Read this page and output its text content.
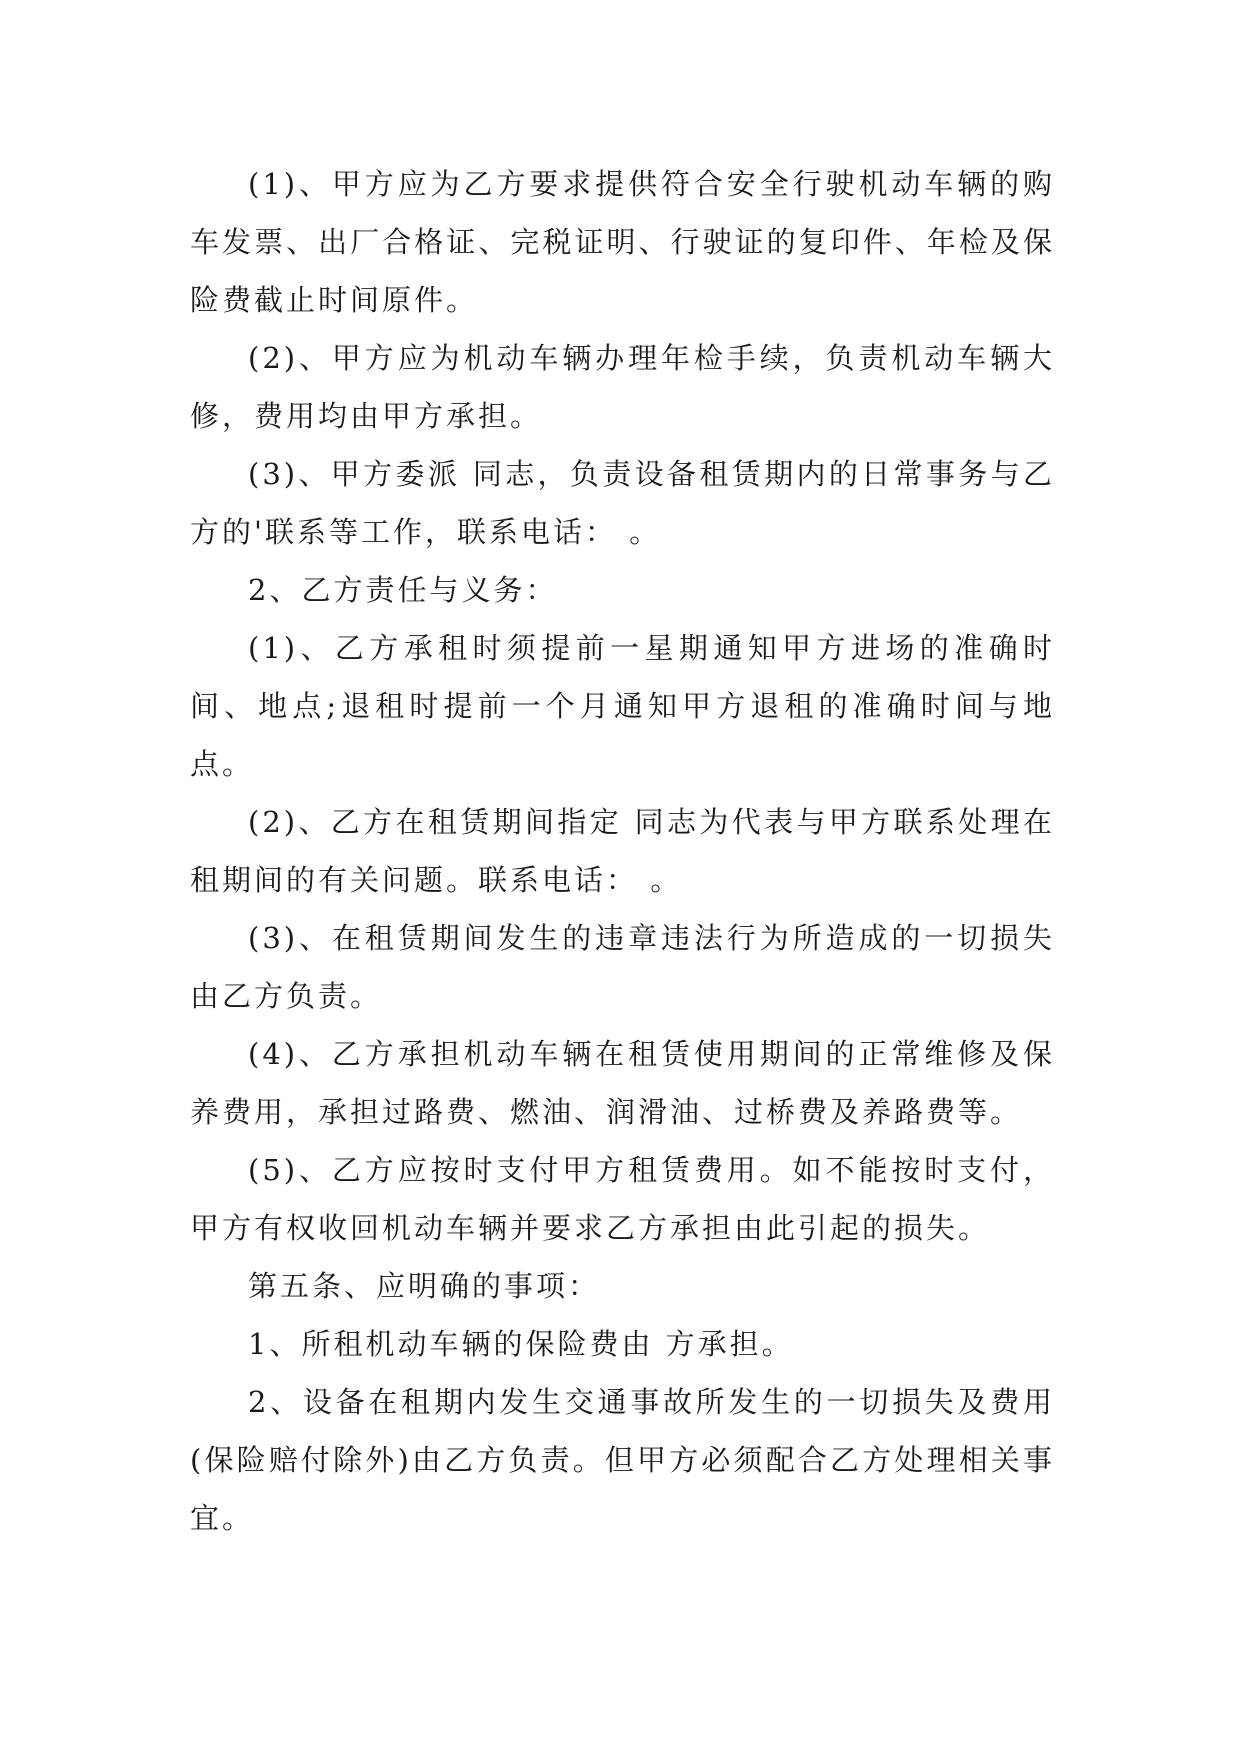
(1)、甲方应为乙方要求提供符合安全行驶机动车辆的购车发票、出厂合格证、完税证明、行驶证的复印件、年检及保险费截止时间原件。

(2)、甲方应为机动车辆办理年检手续，负责机动车辆大修，费用均由甲方承担。

(3)、甲方委派 同志，负责设备租赁期内的日常事务与乙方的'联系等工作，联系电话： 。

2、乙方责任与义务：

(1)、乙方承租时须提前一星期通知甲方进场的准确时间、地点;退租时提前一个月通知甲方退租的准确时间与地点。

(2)、乙方在租赁期间指定 同志为代表与甲方联系处理在租期间的有关问题。联系电话： 。

(3)、在租赁期间发生的违章违法行为所造成的一切损失由乙方负责。

(4)、乙方承担机动车辆在租赁使用期间的正常维修及保养费用，承担过路费、燃油、润滑油、过桥费及养路费等。

(5)、乙方应按时支付甲方租赁费用。如不能按时支付，甲方有权收回机动车辆并要求乙方承担由此引起的损失。

第五条、应明确的事项：

1、所租机动车辆的保险费由 方承担。

2、设备在租期内发生交通事故所发生的一切损失及费用(保险赔付除外)由乙方负责。但甲方必须配合乙方处理相关事宜。
